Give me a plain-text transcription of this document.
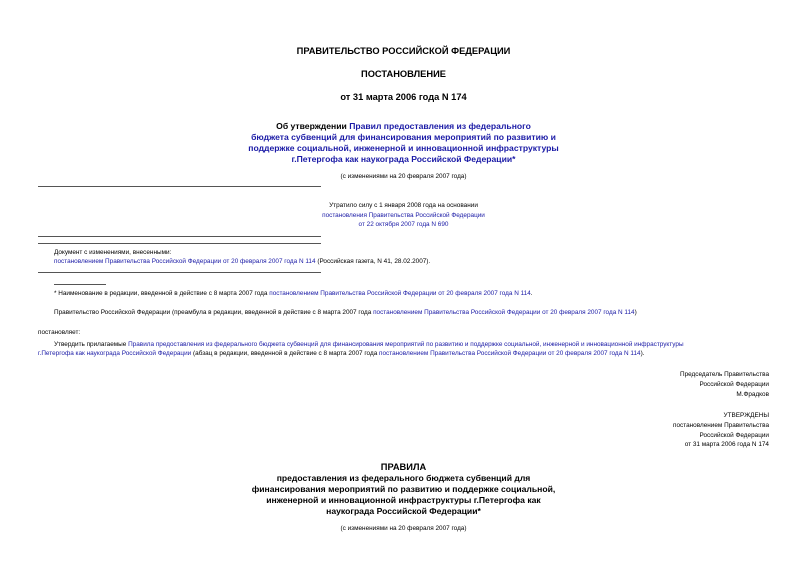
ПРАВИТЕЛЬСТВО РОССИЙСКОЙ ФЕДЕРАЦИИ
ПОСТАНОВЛЕНИЕ
от 31 марта 2006 года N 174
Об утверждении Правил предоставления из федерального
бюджета субвенций для финансирования мероприятий по развитию и
поддержке социальной, инженерной и инновационной инфраструктуры
г.Петергофа как наукограда Российской Федерации*
(с изменениями на 20 февраля 2007 года)
Утратило силу с 1 января 2008 года на основании
постановления Правительства Российской Федерации
от 22 октября 2007 года N 690
Документ с изменениями, внесенными:
постановлением Правительства Российской Федерации от 20 февраля 2007 года N 114 (Российская газета, N 41, 28.02.2007).
* Наименование в редакции, введенной в действие с 8 марта 2007 года постановлением Правительства Российской Федерации от 20 февраля 2007 года N 114.
Правительство Российской Федерации (преамбула в редакции, введенной в действие с 8 марта 2007 года постановлением Правительства Российской Федерации от 20 февраля 2007 года N 114)
постановляет:
Утвердить прилагаемые Правила предоставления из федерального бюджета субвенций для финансирования мероприятий по развитию и поддержке социальной, инженерной и инновационной инфраструктуры
г.Петергофа как наукограда Российской Федерации (абзац в редакции, введенной в действие с 8 марта 2007 года постановлением Правительства Российской Федерации от 20 февраля 2007 года N 114).
Председатель Правительства
Российской Федерации
М.Фрадков
УТВЕРЖДЕНЫ
постановлением Правительства
Российской Федерации
от 31 марта 2006 года N 174
ПРАВИЛА
предоставления из федерального бюджета субвенций для
финансирования мероприятий по развитию и поддержке социальной,
инженерной и инновационной инфраструктуры г.Петергофа как
наукограда Российской Федерации*
(с изменениями на 20 февраля 2007 года)
